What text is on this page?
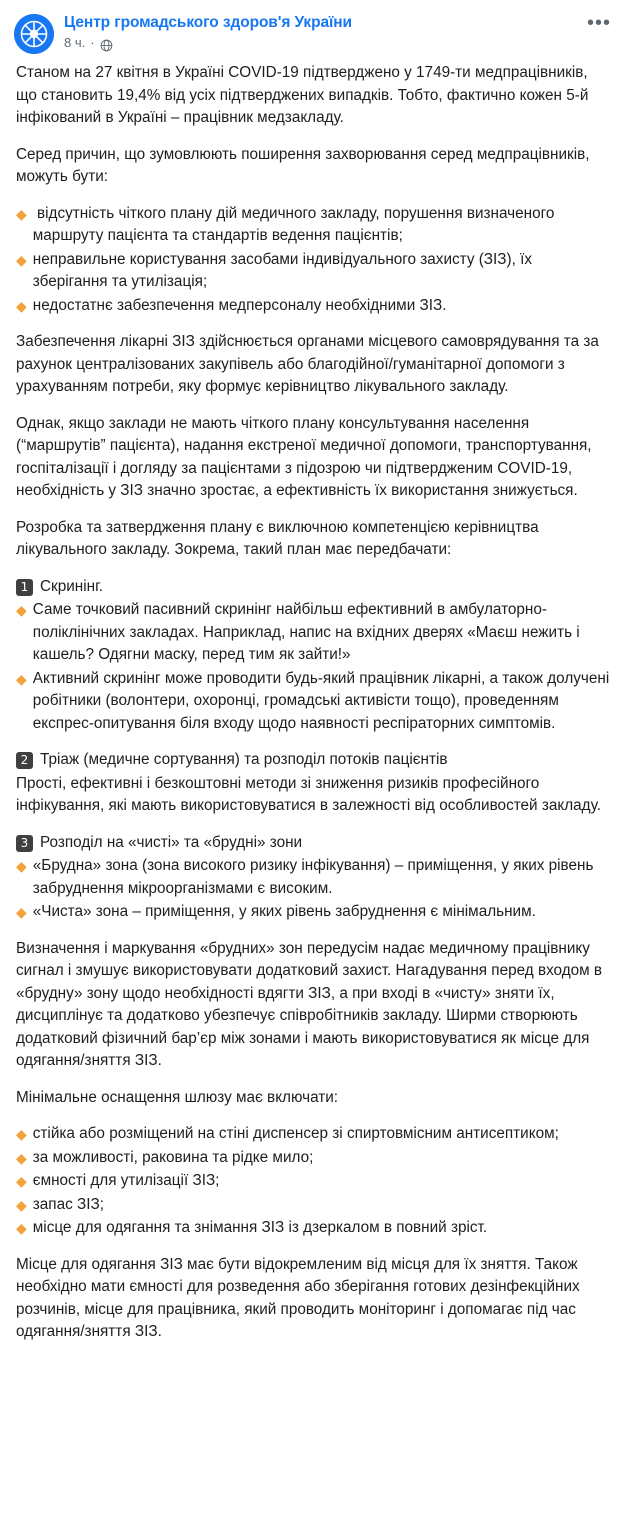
Центр громадського здоров'я України
8 ч. ·
•••

Станом на 27 квітня в Україні COVID-19 підтверджено у 1749-ти медпрацівників, що становить 19,4% від усіх підтверджених випадків. Тобто, фактично кожен 5-й інфікований в Україні – працівник медзакладу.

Серед причин, що зумовлюють поширення захворювання серед медпрацівників, можуть бути:

◆ відсутність чіткого плану дій медичного закладу, порушення визначеного маршруту пацієнта та стандартів ведення пацієнтів;
◆ неправильне користування засобами індивідуального захисту (ЗІЗ), їх зберігання та утилізація;
◆ недостатнє забезпечення медперсоналу необхідними ЗІЗ.

Забезпечення лікарні ЗІЗ здійснюється органами місцевого самоврядування та за рахунок централізованих закупівель або благодійної/гуманітарної допомоги з урахуванням потреби, яку формує керівництво лікувального закладу.

Однак, якщо заклади не мають чіткого плану консультування населення (“маршрутів” пацієнта), надання екстреної медичної допомоги, транспортування, госпіталізації і догляду за пацієнтами з підозрою чи підтвердженим COVID-19, необхідність у ЗІЗ значно зростає, а ефективність їх використання знижується.

Розробка та затвердження плану є виключною компетенцією керівництва лікувального закладу. Зокрема, такий план має передбачати:

1 Скринінг.
◆ Саме точковий пасивний скринінг найбільш ефективний в амбулаторно-поліклінічних закладах. Наприклад, напис на вхідних дверях «Маєш нежить і кашель? Одягни маску, перед тим як зайти!»
◆ Активний скринінг може проводити будь-який працівник лікарні, а також долучені робітники (волонтери, охоронці, громадські активісти тощо), проведенням експрес-опитування біля входу щодо наявності респіраторних симптомів.
2 Тріаж (медичне сортування) та розподіл потоків пацієнтів

Прості, ефективні і безкоштовні методи зі зниження ризиків професійного інфікування, які мають використовуватися в залежності від особливостей закладу.

3 Розподіл на «чисті» та «брудні» зони
◆ «Брудна» зона (зона високого ризику інфікування) – приміщення, у яких рівень забруднення мікроорганізмами є високим.
◆ «Чиста» зона – приміщення, у яких рівень забруднення є мінімальним.

Визначення і маркування «брудних» зон передусім надає медичному працівнику сигнал і змушує використовувати додатковий захист. Нагадування перед входом в «брудну» зону щодо необхідності вдягти ЗІЗ, а при вході в «чисту» зняти їх, дисциплінує та додатково убезпечує співробітників закладу. Ширми створюють додатковий фізичний бар’єр між зонами і мають використовуватися як місце для одягання/зняття ЗІЗ.

Мінімальне оснащення шлюзу має включати:

◆ стійка або розміщений на стіні диспенсер зі спиртовмісним антисептиком;
◆ за можливості, раковина та рідке мило;
◆ ємності для утилізації ЗІЗ;
◆ запас ЗІЗ;
◆ місце для одягання та знімання ЗІЗ із дзеркалом в повний зріст.

Місце для одягання ЗІЗ має бути відокремленим від місця для їх зняття. Також необхідно мати ємності для розведення або зберігання готових дезінфекційних розчинів, місце для працівника, який проводить моніторинг і допомагає під час одягання/зняття ЗІЗ.
